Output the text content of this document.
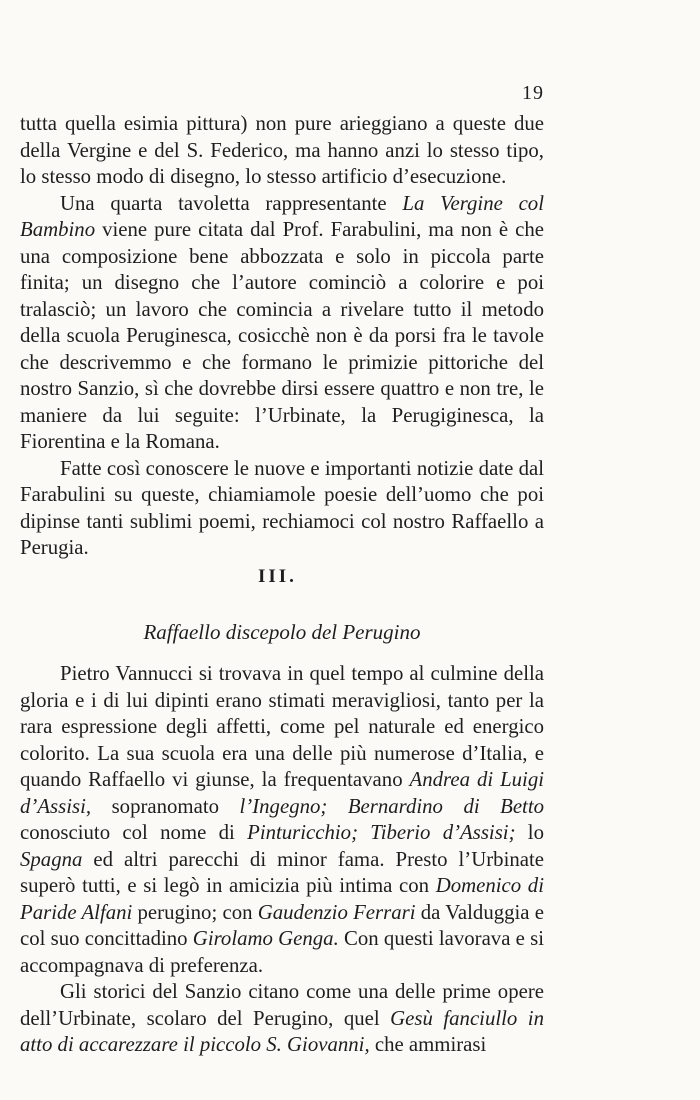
19

tutta quella esimia pittura) non pure arieggiano a queste due della Vergine e del S. Federico, ma hanno anzi lo stesso tipo, lo stesso modo di disegno, lo stesso artificio d’esecuzione.

Una quarta tavoletta rappresentante La Vergine col Bambino viene pure citata dal Prof. Farabulini, ma non è che una composizione bene abbozzata e solo in piccola parte finita; un disegno che l’autore cominciò a colorire e poi tralasciò; un lavoro che comincia a rivelare tutto il metodo della scuola Peruginesca, cosicchè non è da porsi fra le tavole che descrivemmo e che formano le primizie pittoriche del nostro Sanzio, sì che dovrebbe dirsi essere quattro e non tre, le maniere da lui seguite: l’Urbinate, la Perugiginesca, la Fiorentina e la Romana.

Fatte così conoscere le nuove e importanti notizie date dal Farabulini su queste, chiamiamole poesie dell’uomo che poi dipinse tanti sublimi poemi, rechiamoci col nostro Raffaello a Perugia.

III.
Raffaello discepolo del Perugino

Pietro Vannucci si trovava in quel tempo al culmine della gloria e i di lui dipinti erano stimati meravigliosi, tanto per la rara espressione degli affetti, come pel naturale ed energico colorito. La sua scuola era una delle più numerose d’Italia, e quando Raffaello vi giunse, la frequentavano Andrea di Luigi d’Assisi, sopranomato l’Ingegno; Bernardino di Betto conosciuto col nome di Pinturicchio; Tiberio d’Assisi; lo Spagna ed altri parecchi di minor fama. Presto l’Urbinate superò tutti, e si legò in amicizia più intima con Domenico di Paride Alfani perugino; con Gaudenzio Ferrari da Valduggia e col suo concittadino Girolamo Genga. Con questi lavorava e si accompagnava di preferenza.

Gli storici del Sanzio citano come una delle prime opere dell’Urbinate, scolaro del Perugino, quel Gesù fanciullo in atto di accarezzare il piccolo S. Giovanni, che ammirasi
